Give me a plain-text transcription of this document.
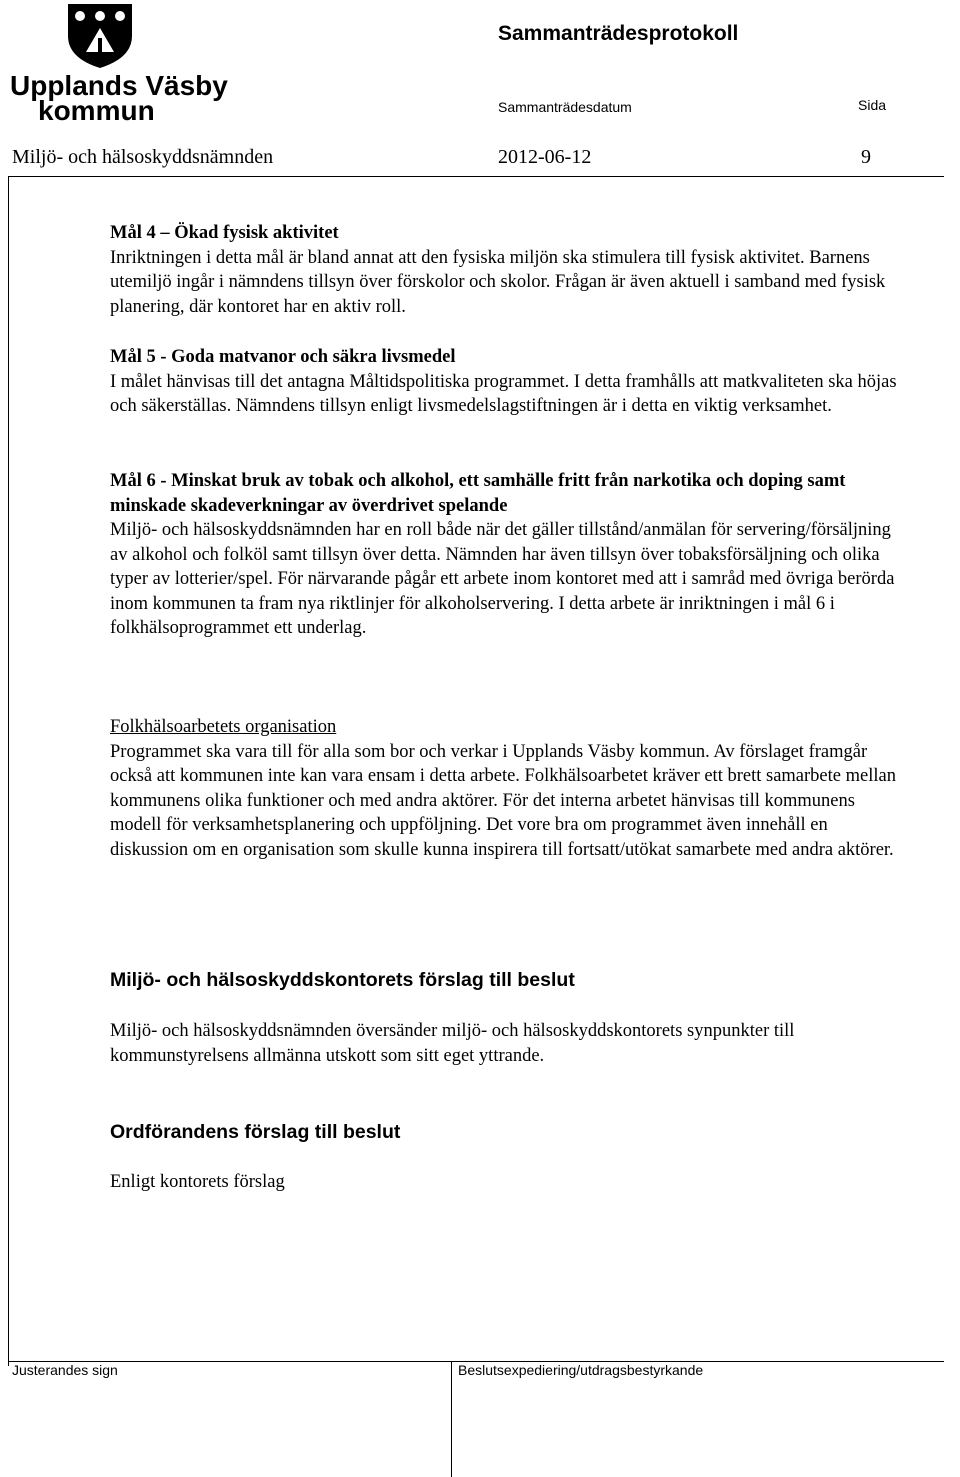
Upplands Väsby
kommun
Sammanträdesprotokoll
Sammanträdesdatum	Sida
Miljö- och hälsoskyddsnämnden	2012-06-12	9

Mål 4 – Ökad fysisk aktivitet

Inriktningen i detta mål är bland annat att den fysiska miljön ska stimulera till fysisk aktivitet. Barnens utemiljö ingår i nämndens tillsyn över förskolor och skolor. Frågan är även aktuell i samband med fysisk planering, där kontoret har en aktiv roll.

Mål 5 - Goda matvanor och säkra livsmedel

I målet hänvisas till det antagna Måltidspolitiska programmet. I detta framhålls att matkvaliteten ska höjas och säkerställas. Nämndens tillsyn enligt livsmedelslagstiftningen är i detta en viktig verksamhet.

Mål 6 - Minskat bruk av tobak och alkohol, ett samhälle fritt från narkotika och doping samt minskade skadeverkningar av överdrivet spelande

Miljö- och hälsoskyddsnämnden har en roll både när det gäller tillstånd/anmälan för servering/försäljning av alkohol och folköl samt tillsyn över detta. Nämnden har även tillsyn över tobaksförsäljning och olika typer av lotterier/spel. För närvarande pågår ett arbete inom kontoret med att i samråd med övriga berörda inom kommunen ta fram nya riktlinjer för alkoholservering. I detta arbete är inriktningen i mål 6 i folkhälsoprogrammet ett underlag.

Folkhälsoarbetets organisation

Programmet ska vara till för alla som bor och verkar i Upplands Väsby kommun. Av förslaget framgår också att kommunen inte kan vara ensam i detta arbete. Folkhälsoarbetet kräver ett brett samarbete mellan kommunens olika funktioner och med andra aktörer. För det interna arbetet hänvisas till kommunens modell för verksamhetsplanering och uppföljning. Det vore bra om programmet även innehåll en diskussion om en organisation som skulle kunna inspirera till fortsatt/utökat samarbete med andra aktörer.

Miljö- och hälsoskyddskontorets förslag till beslut

Miljö- och hälsoskyddsnämnden översänder miljö- och hälsoskyddskontorets synpunkter till kommunstyrelsens allmänna utskott som sitt eget yttrande.

Ordförandens förslag till beslut

Enligt kontorets förslag

Justerandes sign	Beslutsexpediering/utdragsbestyrkande
